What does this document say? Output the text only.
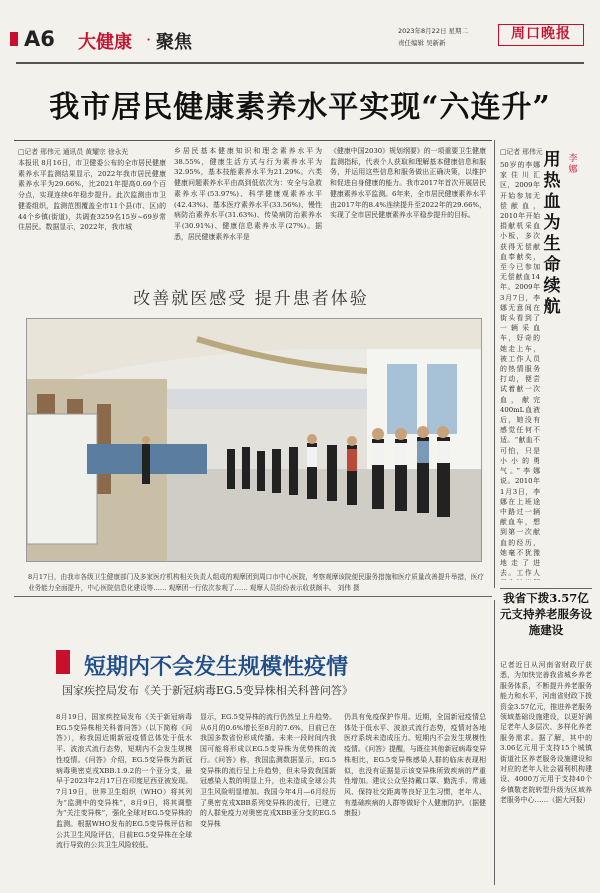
A6 大健康 · 聚焦
2023年8月22日 星期二
责任编辑 吴新新
周口晚报
我市居民健康素养水平实现“六连升”
□记者 邢伟元 通讯员 黄耀宗 徐永光
本报讯 8月16日，市卫健委公布的全市居民健康素养水平监测结果显示，2022年我市居民健康素养水平为29.66%，比2021年提高0.69个百分点，实现连续6年稳步提升。此次监测由市卫健委组织，监测范围覆盖全市11个县(市、区)的44个乡镇(街道)，共调查3259名15岁~69岁常住居民。数据显示，2022年，我市城
乡居民基本健康知识和理念素养水平为38.55%，健康生活方式与行为素养水平为32.95%，基本技能素养水平为21.29%。六类健康问题素养水平由高到低依次为：安全与急救素养水平(53.97%)、科学健康观素养水平(42.43%)、基本医疗素养水平(33.56%)、慢性病防治素养水平(31.63%)、传染病防治素养水平(30.91%)、健康信息素养水平(27%)。据悉，居民健康素养水平是
《健康中国2030》规划纲要》的一项重要卫生健康监测指标，代表个人获取和理解基本健康信息和服务，并运用这些信息和服务做出正确决策，以维护和促进自身健康的能力。我市2017年首次开展居民健康素养水平监测。6年来，全市居民健康素养水平由2017年的8.4%连续提升至2022年的29.66%，实现了全市居民健康素养水平稳步提升的目标。
改善就医感受 提升患者体验
8月17日，由我市各级卫生健康部门及多家医疗机构相关负责人组成的观摩团到周口市中心医院，考察观摩该院便民服务措施和医疗质量改善提升举措，医疗业务能力全面提升，中心医院信息化建设等…… 观摩团一行依次参观了…… 观摩人员纷纷表示收获颇丰。 刘伟 摄
□记者 邢伟元
50岁的李娜家住川汇区，2009年开始参加无偿献血，2010年开始捐献机采血小板，多次获得无偿献血奉献奖，至今已参加无偿献血14年。2009年3月7日，李娜无意间在街头看到了一辆采血车，好奇的她走上车，被工作人员的热情服务打动，便尝试着献一次血，献完400mL血液后，她没有感觉任何不适。“献血不可怕，只是小小的勇气。”李娜说。2010年1月3日，李娜在上班途中路过一辆献血车，想到第一次献血的经历，她毫不犹豫地走了进去。工作人
用热血为生命续航
李娜
我省下拨3.57亿元支持养老服务设施建设
记者近日从河南省财政厅获悉，为加快完善我省城乡养老服务体系，不断提升养老服务能力和水平，河南省财政下拨资金3.57亿元，推进养老服务领域基础设施建设，以更好满足老年人多层次、多样化养老服务需求。据了解，其中的3.06亿元用于支持15个城镇街道社区养老服务设施建设和对应的老年人社会福利机构建设、4000万元用于支持40个乡镇敬老院转型升级为区域养老服务中心……（据大河报）
短期内不会发生规模性疫情
国家疾控局发布《关于新冠病毒EG.5变异株相关科普问答》
8月19日，国家疾控局发布《关于新冠病毒EG.5变异株相关科普问答》（以下简称《问答》），称我国近期新冠疫情总体处于低水平、波浪式流行态势，短期内不会发生规模性疫情。《问答》介绍，EG.5变异株为新冠病毒奥密克戎XBB.1.9.2的一个亚分支，最早于2023年2月17日在印度尼西亚被发现。7月19日，世界卫生组织（WHO）将其列为“监测中的变异株”，8月9日，将其调整为“关注变异株”，强化全球对EG.5变异株的监测。根据WHO发布的EG.5变异株评估和公共卫生风险评估，目前EG.5变异株在全球流行导致的公共卫生风险较低。
显示，EG.5变异株的流行仍然呈上升趋势。从6月的0.6%增长至8月的7.6%，目前已在我国多数省份形成传播。未来一段时间内我国可能将形成以EG.5变异株为优势株的流行。《问答》称，我国监测数据显示，EG.5变异株的流行呈上升趋势，但未导致我国新冠感染人数的明显上升，也未造成全球公共卫生风险明显增加。我国今年4月—6月经历了奥密克戎XBB系列变异株的流行，已建立的人群免疫力对奥密克戎XBB亚分支的EG.5变异株
仍具有免疫保护作用。近期，全国新冠疫情总体处于低水平、波浪式流行态势，疫情对各地医疗系统未造成压力。短期内不会发生规模性疫情。《问答》提醒，与既往其他新冠病毒变异株相比，EG.5变异株感染人群的临床表现相似，也没有证据显示该变异株所致疾病的严重性增加。建议公众坚持戴口罩、勤洗手、常通风、保持社交距离等良好卫生习惯，老年人、有基础疾病的人群等做好个人健康防护。（据健康报）
